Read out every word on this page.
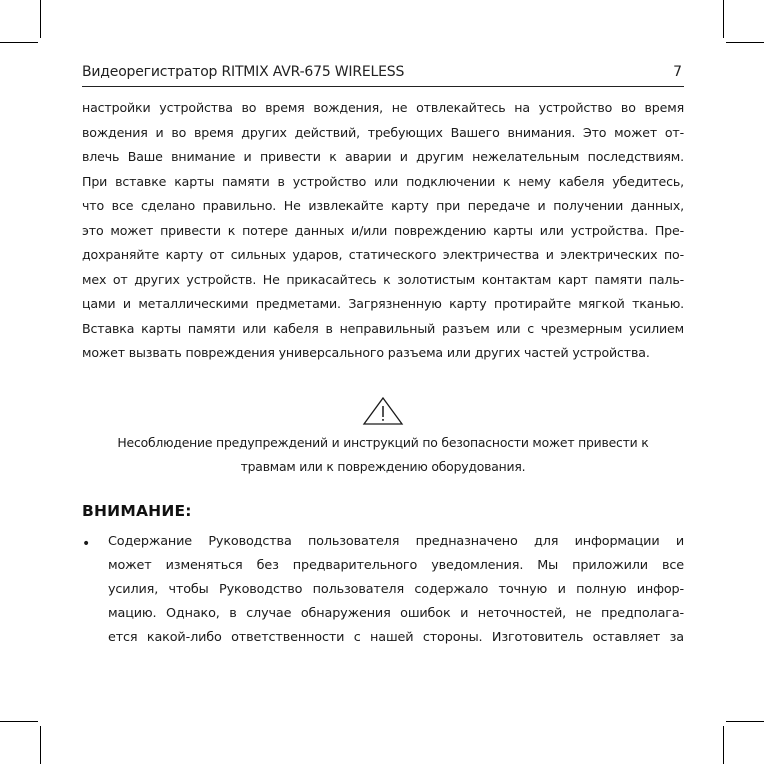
Видеорегистратор RITMIX AVR-675 WIRELESS	7
настройки устройства во время вождения, не отвлекайтесь на устройство во время
вождения и во время других действий, требующих Вашего внимания. Это может от-
влечь Ваше внимание и привести к аварии и другим нежелательным последствиям.
При вставке карты памяти в устройство или подключении к нему кабеля убедитесь,
что все сделано правильно. Не извлекайте карту при передаче и получении данных,
это может привести к потере данных и/или повреждению карты или устройства. Пре-
дохраняйте карту от сильных ударов, статического электричества и электрических по-
мех от других устройств. Не прикасайтесь к золотистым контактам карт памяти паль-
цами и металлическими предметами. Загрязненную карту протирайте мягкой тканью.
Вставка карты памяти или кабеля в неправильный разъем или с чрезмерным усилием
может вызвать повреждения универсального разъема или других частей устройства.
Несоблюдение предупреждений и инструкций по безопасности может привести к
травмам или к повреждению оборудования.
ВНИМАНИЕ:
• Содержание Руководства пользователя предназначено для информации и
может изменяться без предварительного уведомления. Мы приложили все
усилия, чтобы Руководство пользователя содержало точную и полную инфор-
мацию. Однако, в случае обнаружения ошибок и неточностей, не предполага-
ется какой-либо ответственности с нашей стороны. Изготовитель оставляет за
